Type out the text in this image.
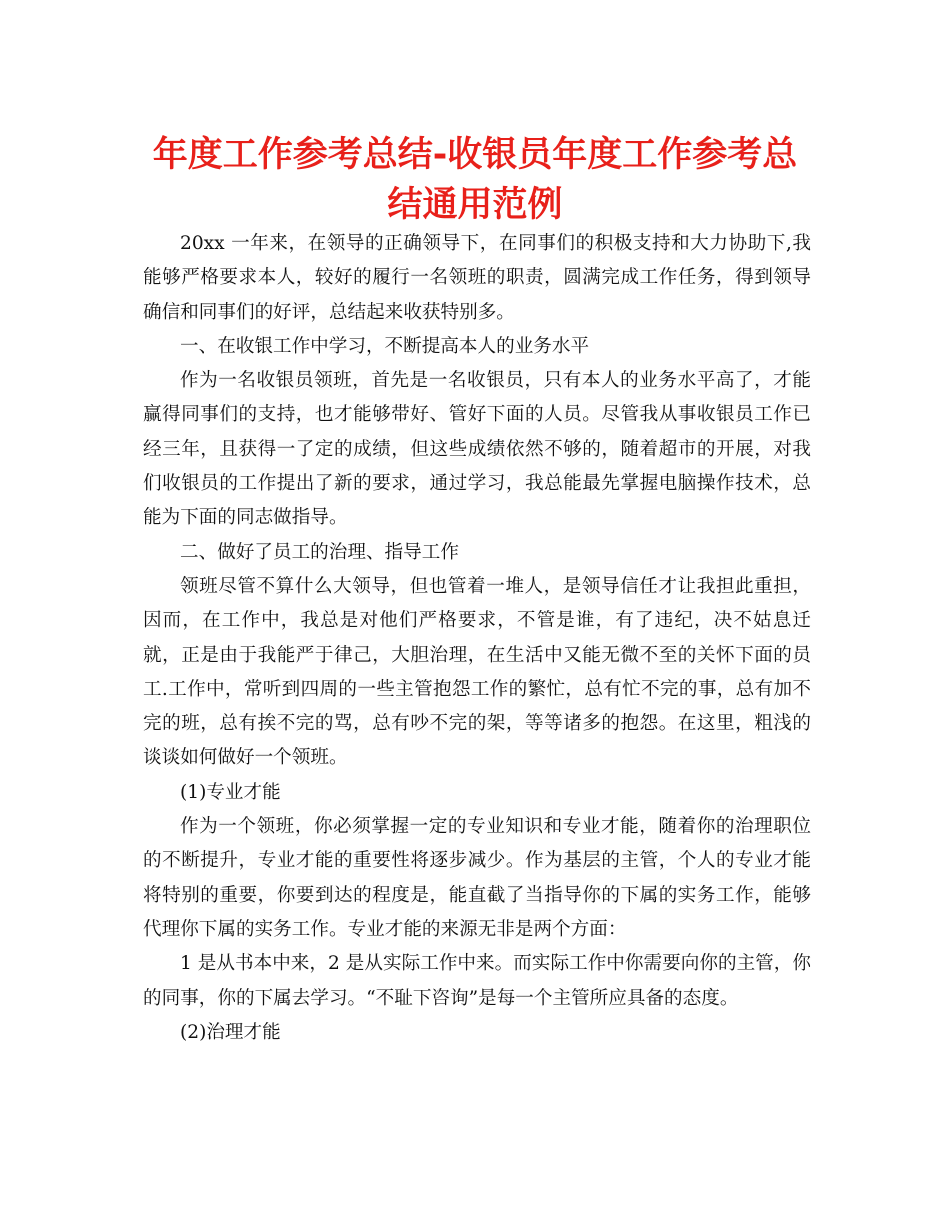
年度工作参考总结-收银员年度工作参考总结通用范例

20xx 一年来，在领导的正确领导下，在同事们的积极支持和大力协助下,我能够严格要求本人，较好的履行一名领班的职责，圆满完成工作任务，得到领导确信和同事们的好评，总结起来收获特别多。

一、在收银工作中学习，不断提高本人的业务水平

作为一名收银员领班，首先是一名收银员，只有本人的业务水平高了，才能赢得同事们的支持，也才能够带好、管好下面的人员。尽管我从事收银员工作已经三年，且获得一了定的成绩，但这些成绩依然不够的，随着超市的开展，对我们收银员的工作提出了新的要求，通过学习，我总能最先掌握电脑操作技术，总能为下面的同志做指导。

二、做好了员工的治理、指导工作

领班尽管不算什么大领导，但也管着一堆人，是领导信任才让我担此重担，因而，在工作中，我总是对他们严格要求，不管是谁，有了违纪，决不姑息迁就，正是由于我能严于律己，大胆治理，在生活中又能无微不至的关怀下面的员工.工作中，常听到四周的一些主管抱怨工作的繁忙，总有忙不完的事，总有加不完的班，总有挨不完的骂，总有吵不完的架，等等诸多的抱怨。在这里，粗浅的谈谈如何做好一个领班。

(1)专业才能

作为一个领班，你必须掌握一定的专业知识和专业才能，随着你的治理职位的不断提升，专业才能的重要性将逐步减少。作为基层的主管，个人的专业才能将特别的重要，你要到达的程度是，能直截了当指导你的下属的实务工作，能够代理你下属的实务工作。专业才能的来源无非是两个方面：

1 是从书本中来，2 是从实际工作中来。而实际工作中你需要向你的主管，你的同事，你的下属去学习。“不耻下咨询”是每一个主管所应具备的态度。

(2)治理才能
